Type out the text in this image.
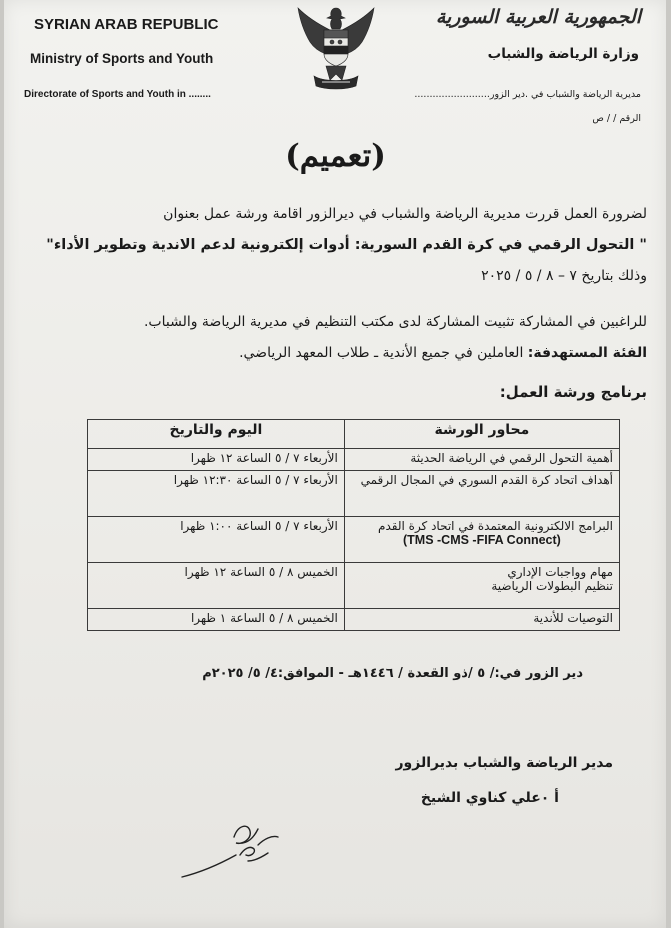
SYRIAN ARAB REPUBLIC
Ministry of Sports and Youth
Directorate of Sports and Youth in ........
الجمهورية العربية السورية
وزارة الرياضة والشباب
مديرية الرياضة والشباب في .دير الزور.........................
الرقم / / ص
(تعميم)
لضرورة العمل قررت مديرية الرياضة والشباب في ديرالزور اقامة ورشة عمل بعنوان
" التحول الرقمي في كرة القدم السورية: أدوات إلكترونية لدعم الاندية وتطوير الأداء"
وذلك بتاريخ ٧ – ٨ / ٥ / ٢٠٢٥
للراغبين في المشاركة تثبيت المشاركة لدى مكتب التنظيم في مديرية الرياضة والشباب.
الفئة المستهدفة: العاملين في جميع الأندية ـ طلاب المعهد الرياضي.
برنامج ورشة العمل:
محاور الورشة	اليوم والتاريخ
أهمية التحول الرقمي في الرياضة الحديثة	الأربعاء ٧ / ٥ الساعة ١٢ ظهرا
أهداف اتحاد كرة القدم السوري في المجال الرقمي	الأربعاء ٧ / ٥ الساعة ١٢:٣٠ ظهرا
البرامج الالكترونية المعتمدة في اتحاد كرة القدم
(TMS -CMS -FIFA Connect)	الأربعاء ٧ / ٥ الساعة ١:٠٠ ظهرا

مهام وواجبات الإداري
تنظيم البطولات الرياضية	الخميس ٨ / ٥ الساعة ١٢ ظهرا
التوصيات للأندية	الخميس ٨ / ٥ الساعة ١ ظهرا
دير الزور في:/ ٥ /ذو القعدة / ١٤٤٦هـ - الموافق:٤/ ٥/ ٢٠٢٥م
مدير الرياضة والشباب بديرالزور
أ ٠علي كناوي الشيخ
